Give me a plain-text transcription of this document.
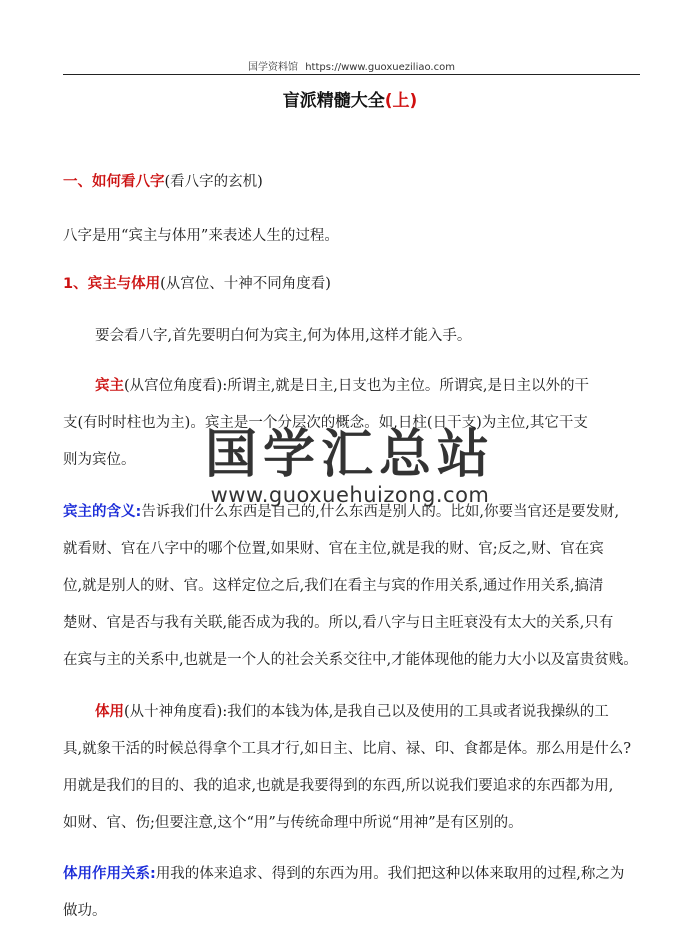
国学资料馆 https://www.guoxueziliao.com
盲派精髓大全(上)
一、如何看八字(看八字的玄机)
八字是用“宾主与体用”来表述人生的过程。
1、宾主与体用(从宫位、十神不同角度看)
要会看八字,首先要明白何为宾主,何为体用,这样才能入手。
宾主(从宫位角度看):所谓主,就是日主,日支也为主位。所谓宾,是日主以外的干
支(有时时柱也为主)。宾主是一个分层次的概念。如,日柱(日干支)为主位,其它干支
则为宾位。
宾主的含义:告诉我们什么东西是自己的,什么东西是别人的。比如,你要当官还是要发财,
就看财、官在八字中的哪个位置,如果财、官在主位,就是我的财、官;反之,财、官在宾
位,就是别人的财、官。这样定位之后,我们在看主与宾的作用关系,通过作用关系,搞清
楚财、官是否与我有关联,能否成为我的。所以,看八字与日主旺衰没有太大的关系,只有
在宾与主的关系中,也就是一个人的社会关系交往中,才能体现他的能力大小以及富贵贫贱。
体用(从十神角度看):我们的本钱为体,是我自己以及使用的工具或者说我操纵的工
具,就象干活的时候总得拿个工具才行,如日主、比肩、禄、印、食都是体。那么用是什么?
用就是我们的目的、我的追求,也就是我要得到的东西,所以说我们要追求的东西都为用,
如财、官、伤;但要注意,这个“用”与传统命理中所说“用神”是有区别的。
体用作用关系:用我的体来追求、得到的东西为用。我们把这种以体来取用的过程,称之为
做功。
国学汇总站
www.guoxuehuizong.com
